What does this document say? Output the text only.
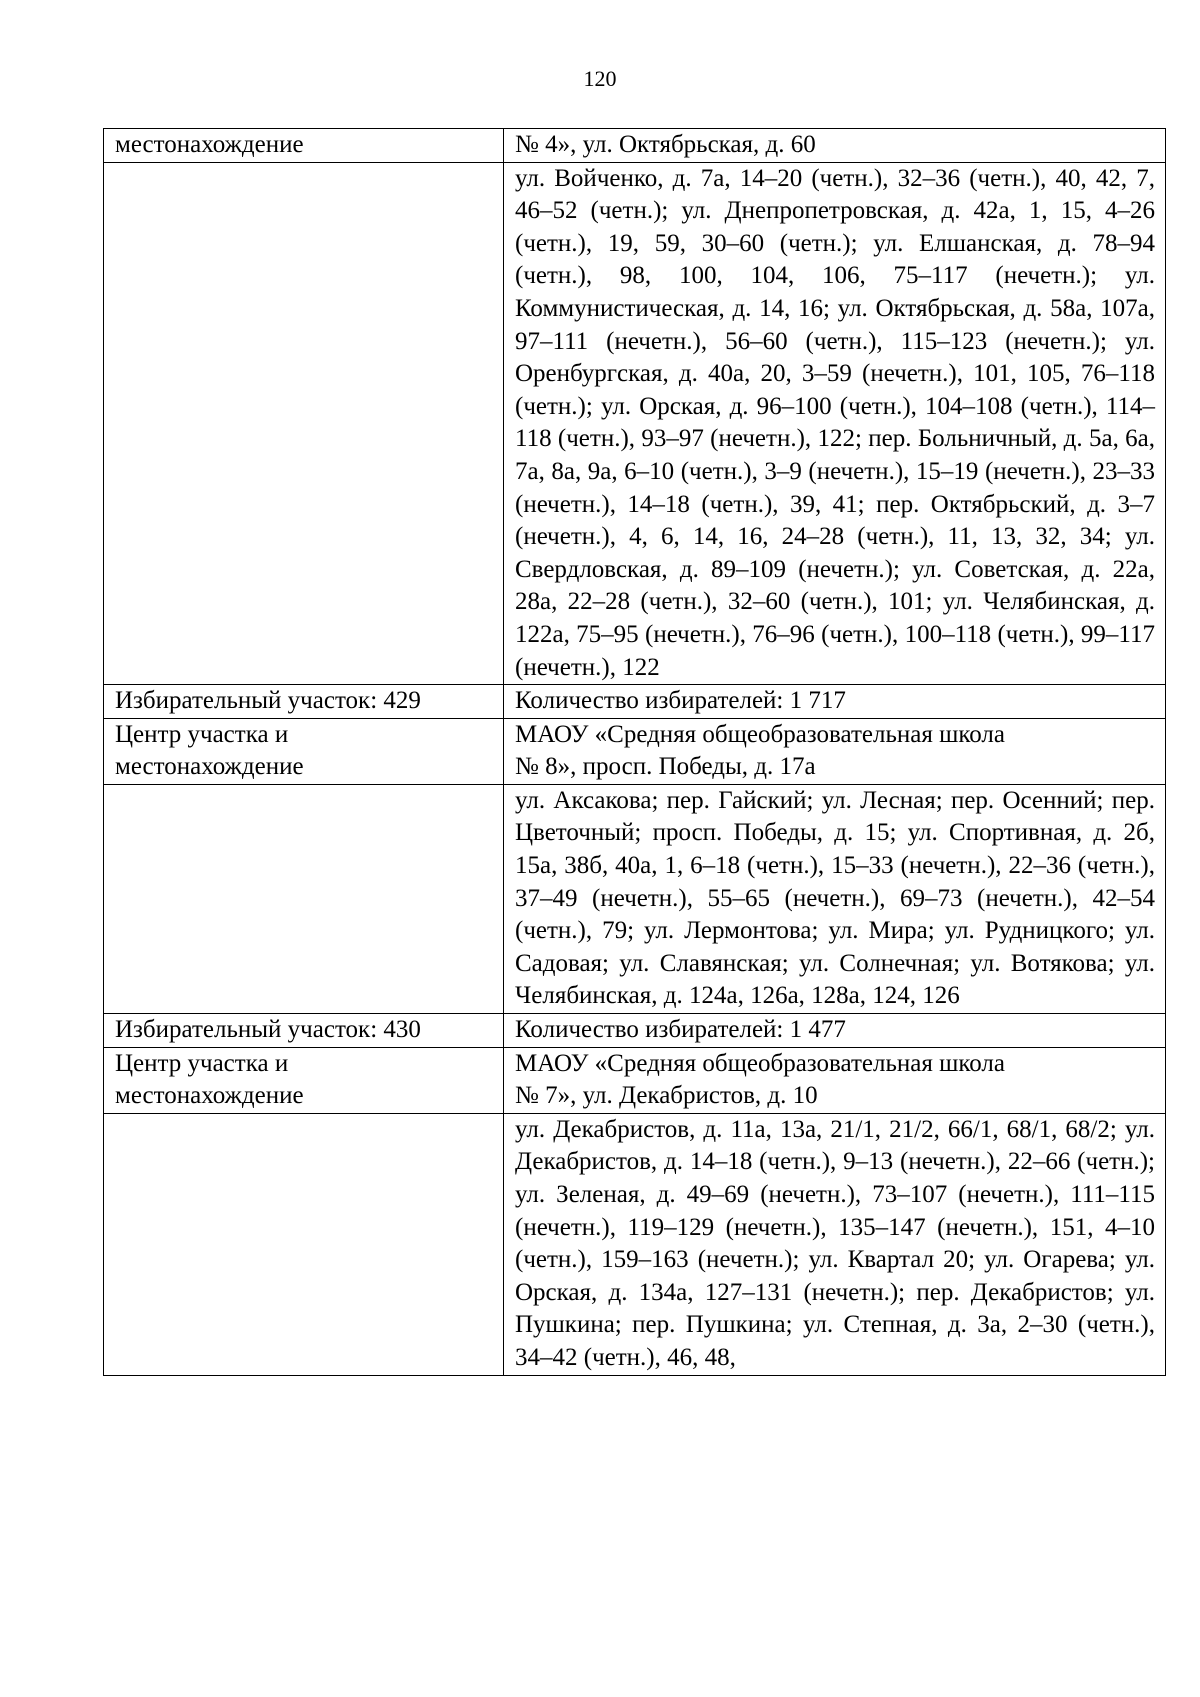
120
местонахождение	№ 4», ул. Октябрьская, д. 60

	ул. Войченко, д. 7а, 14–20 (четн.), 32–36 (четн.), 40, 42, 7, 46–52 (четн.); ул. Днепропетровская, д. 42а, 1, 15, 4–26 (четн.), 19, 59, 30–60 (четн.); ул. Елшанская, д. 78–94 (четн.), 98, 100, 104, 106, 75–117 (нечетн.); ул. Коммунистическая, д. 14, 16; ул. Октябрьская, д. 58а, 107а, 97–111 (нечетн.), 56–60 (четн.), 115–123 (нечетн.); ул. Оренбургская, д. 40а, 20, 3–59 (нечетн.), 101, 105, 76–118 (четн.); ул. Орская, д. 96–100 (четн.), 104–108 (четн.), 114–118 (четн.), 93–97 (нечетн.), 122; пер. Больничный, д. 5а, 6а, 7а, 8а, 9а, 6–10 (четн.), 3–9 (нечетн.), 15–19 (нечетн.), 23–33 (нечетн.), 14–18 (четн.), 39, 41; пер. Октябрьский, д. 3–7 (нечетн.), 4, 6, 14, 16, 24–28 (четн.), 11, 13, 32, 34; ул. Свердловская, д. 89–109 (нечетн.); ул. Советская, д. 22а, 28а, 22–28 (четн.), 32–60 (четн.), 101; ул. Челябинская, д. 122а, 75–95 (нечетн.), 76–96 (четн.), 100–118 (четн.), 99–117 (нечетн.), 122

Избирательный участок: 429	Количество избирателей: 1 717

Центр участка и
местонахождение	МАОУ «Средняя общеобразовательная школа
№ 8», просп. Победы, д. 17а

	ул. Аксакова; пер. Гайский; ул. Лесная; пер. Осенний; пер. Цветочный; просп. Победы, д. 15; ул. Спортивная, д. 2б, 15а, 38б, 40а, 1, 6–18 (четн.), 15–33 (нечетн.), 22–36 (четн.), 37–49 (нечетн.), 55–65 (нечетн.), 69–73 (нечетн.), 42–54 (четн.), 79; ул. Лермонтова; ул. Мира; ул. Рудницкого; ул. Садовая; ул. Славянская; ул. Солнечная; ул. Вотякова; ул. Челябинская, д. 124а, 126а, 128а, 124, 126

Избирательный участок: 430	Количество избирателей: 1 477

Центр участка и
местонахождение	МАОУ «Средняя общеобразовательная школа
№ 7», ул. Декабристов, д. 10

	ул. Декабристов, д. 11а, 13а, 21/1, 21/2, 66/1, 68/1, 68/2; ул. Декабристов, д. 14–18 (четн.), 9–13 (нечетн.), 22–66 (четн.); ул. Зеленая, д. 49–69 (нечетн.), 73–107 (нечетн.), 111–115 (нечетн.), 119–129 (нечетн.), 135–147 (нечетн.), 151, 4–10 (четн.), 159–163 (нечетн.); ул. Квартал 20; ул. Огарева; ул. Орская, д. 134а, 127–131 (нечетн.); пер. Декабристов; ул. Пушкина; пер. Пушкина; ул. Степная, д. 3а, 2–30 (четн.), 34–42 (четн.), 46, 48,
